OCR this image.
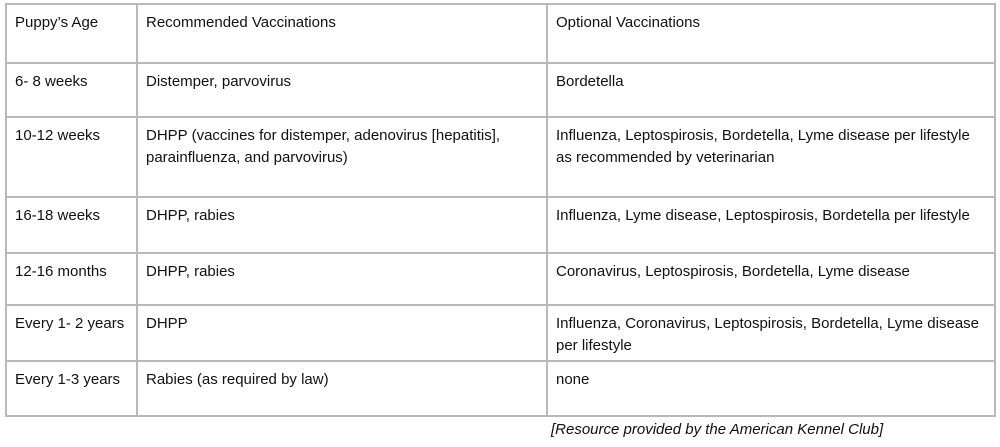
Puppy’s Age	Recommended Vaccinations	Optional Vaccinations
6- 8 weeks	Distemper, parvovirus	Bordetella
10-12 weeks	DHPP (vaccines for distemper, adenovirus [hepatitis], parainfluenza, and parvovirus)	Influenza, Leptospirosis, Bordetella, Lyme disease per lifestyle as recommended by veterinarian
16-18 weeks	DHPP, rabies	Influenza, Lyme disease, Leptospirosis, Bordetella per lifestyle
12-16 months	DHPP, rabies	Coronavirus, Leptospirosis, Bordetella, Lyme disease
Every 1- 2 years	DHPP	Influenza, Coronavirus, Leptospirosis, Bordetella, Lyme disease per lifestyle
Every 1-3 years	Rabies (as required by law)	none
[Resource provided by the American Kennel Club]
